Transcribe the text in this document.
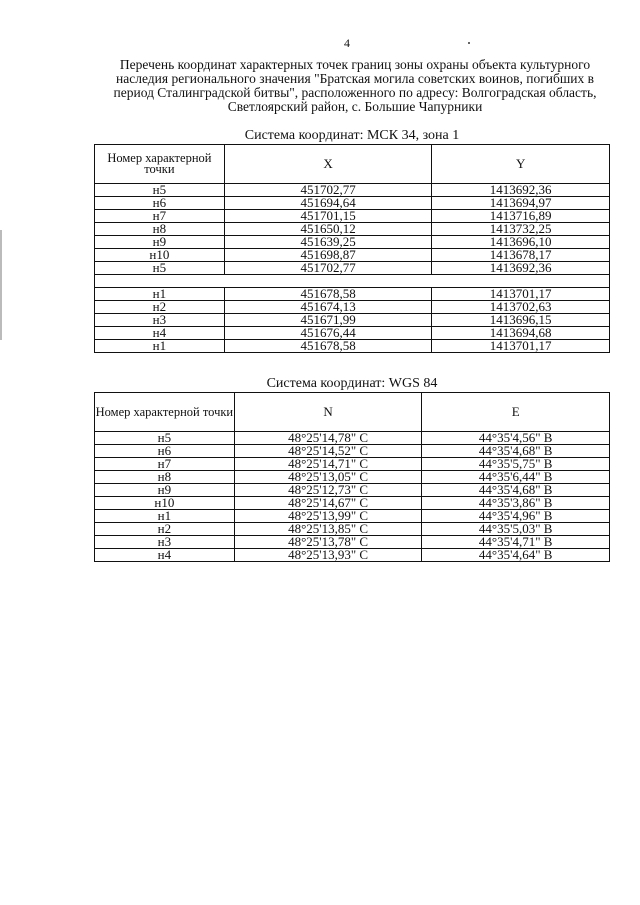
4
Перечень координат характерных точек границ зоны охраны объекта культурного наследия регионального значения "Братская могила советских воинов, погибших в период Сталинградской битвы", расположенного по адресу: Волгоградская область, Светлоярский район, с. Большие Чапурники
Система координат: МСК 34, зона 1
Номер характерной точки	X	Y
н5	451702,77	1413692,36
н6	451694,64	1413694,97
н7	451701,15	1413716,89
н8	451650,12	1413732,25
н9	451639,25	1413696,10
н10	451698,87	1413678,17
н5	451702,77	1413692,36

н1	451678,58	1413701,17
н2	451674,13	1413702,63
н3	451671,99	1413696,15
н4	451676,44	1413694,68
н1	451678,58	1413701,17
Система координат: WGS 84
Номер характерной точки	N	E
н5	48°25'14,78" С	44°35'4,56" В
н6	48°25'14,52" С	44°35'4,68" В
н7	48°25'14,71" С	44°35'5,75" В
н8	48°25'13,05" С	44°35'6,44" В
н9	48°25'12,73" С	44°35'4,68" В
н10	48°25'14,67" С	44°35'3,86" В
н1	48°25'13,99" С	44°35'4,96" В
н2	48°25'13,85" С	44°35'5,03" В
н3	48°25'13,78" С	44°35'4,71" В
н4	48°25'13,93" С	44°35'4,64" В
